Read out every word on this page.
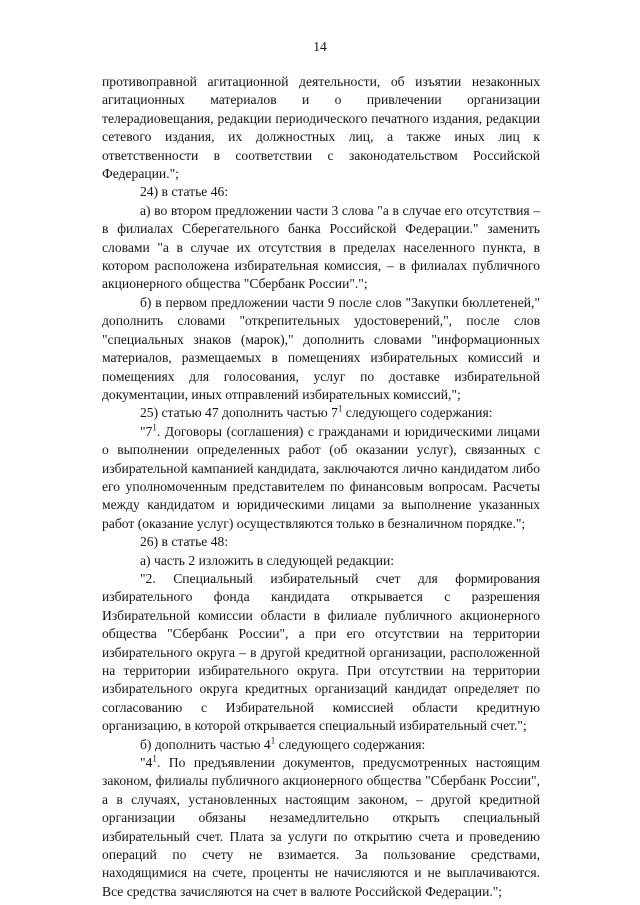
14

противоправной агитационной деятельности, об изъятии незаконных агитационных материалов и о привлечении организации телерадиовещания, редакции периодического печатного издания, редакции сетевого издания, их должностных лиц, а также иных лиц к ответственности в соответствии с законодательством Российской Федерации.";

24) в статье 46:

а) во втором предложении части 3 слова "а в случае его отсутствия – в филиалах Сберегательного банка Российской Федерации." заменить словами "а в случае их отсутствия в пределах населенного пункта, в котором расположена избирательная комиссия, – в филиалах публичного акционерного общества "Сбербанк России".";

б) в первом предложении части 9 после слов "Закупки бюллетеней," дополнить словами "открепительных удостоверений,", после слов "специальных знаков (марок)," дополнить словами "информационных материалов, размещаемых в помещениях избирательных комиссий и помещениях для голосования, услуг по доставке избирательной документации, иных отправлений избирательных комиссий,";

25) статью 47 дополнить частью $7^1$ следующего содержания:

"$7^1$. Договоры (соглашения) с гражданами и юридическими лицами о выполнении определенных работ (об оказании услуг), связанных с избирательной кампанией кандидата, заключаются лично кандидатом либо его уполномоченным представителем по финансовым вопросам. Расчеты между кандидатом и юридическими лицами за выполнение указанных работ (оказание услуг) осуществляются только в безналичном порядке.";

26) в статье 48:

а) часть 2 изложить в следующей редакции:

"2. Специальный избирательный счет для формирования избирательного фонда кандидата открывается с разрешения Избирательной комиссии области в филиале публичного акционерного общества "Сбербанк России", а при его отсутствии на территории избирательного округа – в другой кредитной организации, расположенной на территории избирательного округа. При отсутствии на территории избирательного округа кредитных организаций кандидат определяет по согласованию с Избирательной комиссией области кредитную организацию, в которой открывается специальный избирательный счет.";

б) дополнить частью $4^1$ следующего содержания:

"$4^1$. По предъявлении документов, предусмотренных настоящим законом, филиалы публичного акционерного общества "Сбербанк России", а в случаях, установленных настоящим законом, – другой кредитной организации обязаны незамедлительно открыть специальный избирательный счет. Плата за услуги по открытию счета и проведению операций по счету не взимается. За пользование средствами, находящимися на счете, проценты не начисляются и не выплачиваются. Все средства зачисляются на счет в валюте Российской Федерации.";
